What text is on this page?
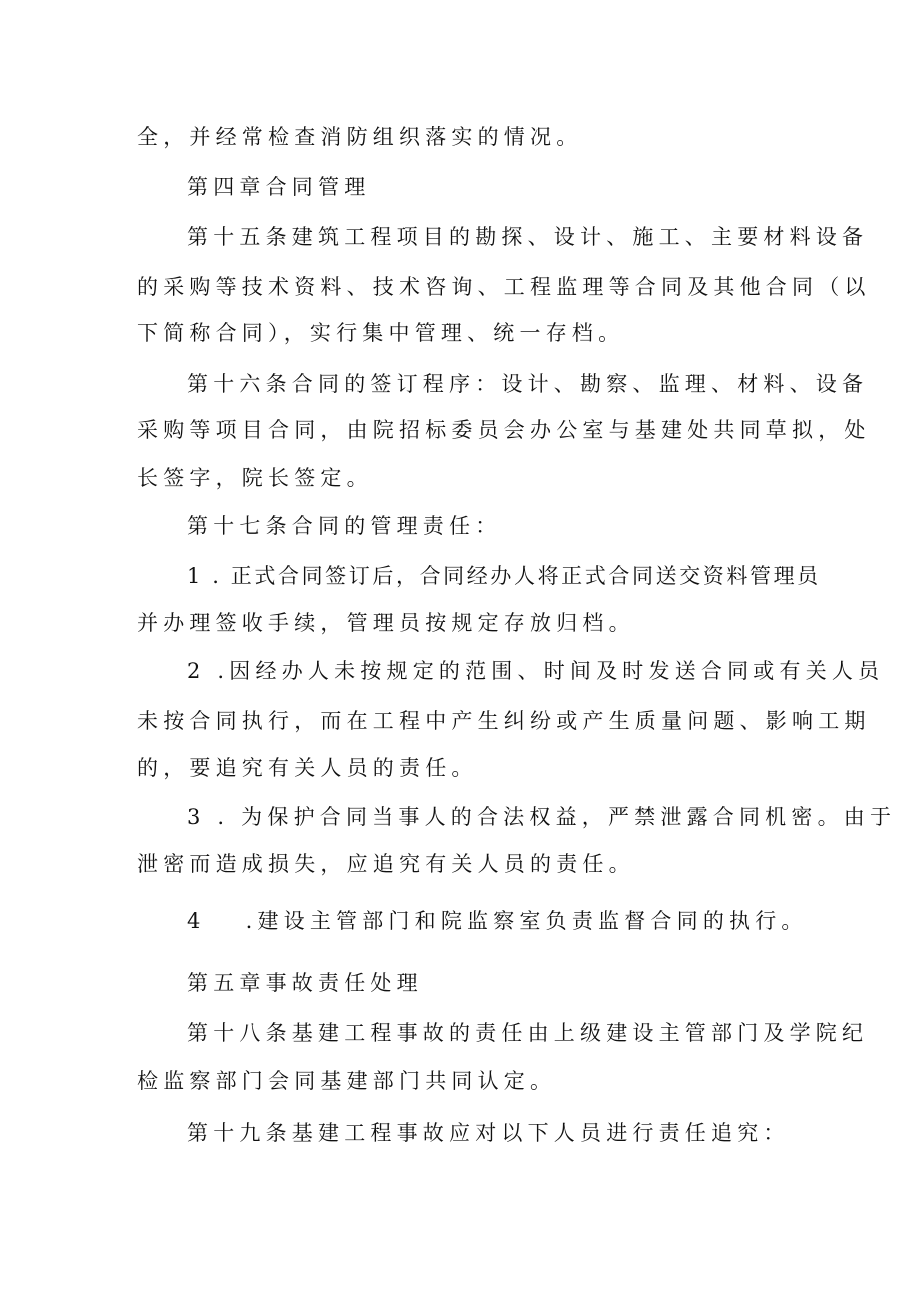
全，并经常检查消防组织落实的情况。
第四章合同管理
第十五条建筑工程项目的勘探、设计、施工、主要材料设备
的采购等技术资料、技术咨询、工程监理等合同及其他合同（以
下简称合同），实行集中管理、统一存档。
第十六条合同的签订程序：设计、勘察、监理、材料、设备
采购等项目合同，由院招标委员会办公室与基建处共同草拟，处
长签字，院长签定。
第十七条合同的管理责任：
1 . 正式合同签订后，合同经办人将正式合同送交资料管理员
并办理签收手续，管理员按规定存放归档。
2 .因经办人未按规定的范围、时间及时发送合同或有关人员
未按合同执行，而在工程中产生纠纷或产生质量问题、影响工期
的，要追究有关人员的责任。
3 . 为保护合同当事人的合法权益，严禁泄露合同机密。由于
泄密而造成损失，应追究有关人员的责任。
4 .建设主管部门和院监察室负责监督合同的执行。
第五章事故责任处理
第十八条基建工程事故的责任由上级建设主管部门及学院纪
检监察部门会同基建部门共同认定。
第十九条基建工程事故应对以下人员进行责任追究：
